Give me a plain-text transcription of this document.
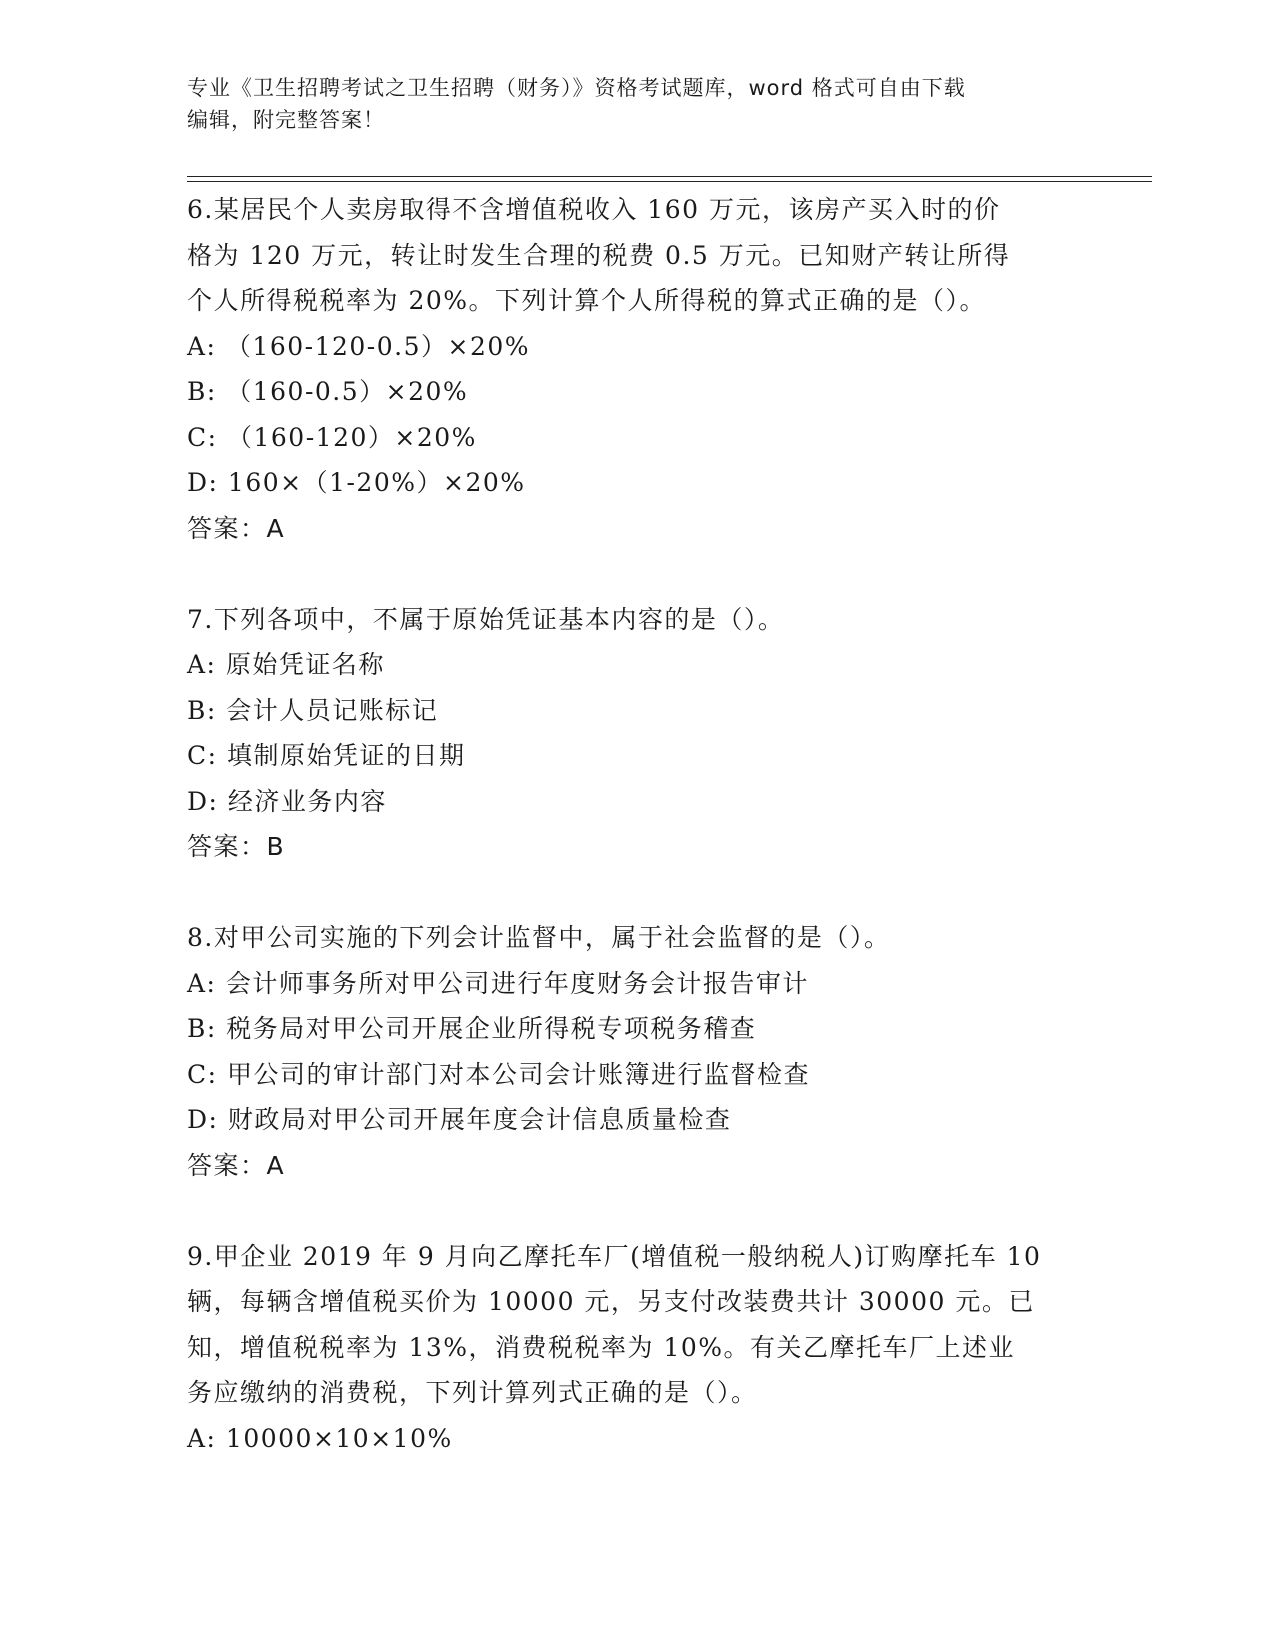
专业《卫生招聘考试之卫生招聘（财务）》资格考试题库，word 格式可自由下载
编辑，附完整答案！
6.某居民个人卖房取得不含增值税收入 160 万元，该房产买入时的价
格为 120 万元，转让时发生合理的税费 0.5 万元。已知财产转让所得
个人所得税税率为 20%。下列计算个人所得税的算式正确的是（）。
A: （160-120-0.5）×20%
B: （160-0.5）×20%
C: （160-120）×20%
D: 160×（1-20%）×20%
答案：A
7.下列各项中，不属于原始凭证基本内容的是（）。
A: 原始凭证名称
B: 会计人员记账标记
C: 填制原始凭证的日期
D: 经济业务内容
答案：B
8.对甲公司实施的下列会计监督中，属于社会监督的是（）。
A: 会计师事务所对甲公司进行年度财务会计报告审计
B: 税务局对甲公司开展企业所得税专项税务稽查
C: 甲公司的审计部门对本公司会计账簿进行监督检查
D: 财政局对甲公司开展年度会计信息质量检查
答案：A
9.甲企业 2019 年 9 月向乙摩托车厂(增值税一般纳税人)订购摩托车 10
辆，每辆含增值税买价为 10000 元，另支付改装费共计 30000 元。已
知，增值税税率为 13%，消费税税率为 10%。有关乙摩托车厂上述业
务应缴纳的消费税，下列计算列式正确的是（）。
A: 10000×10×10%
